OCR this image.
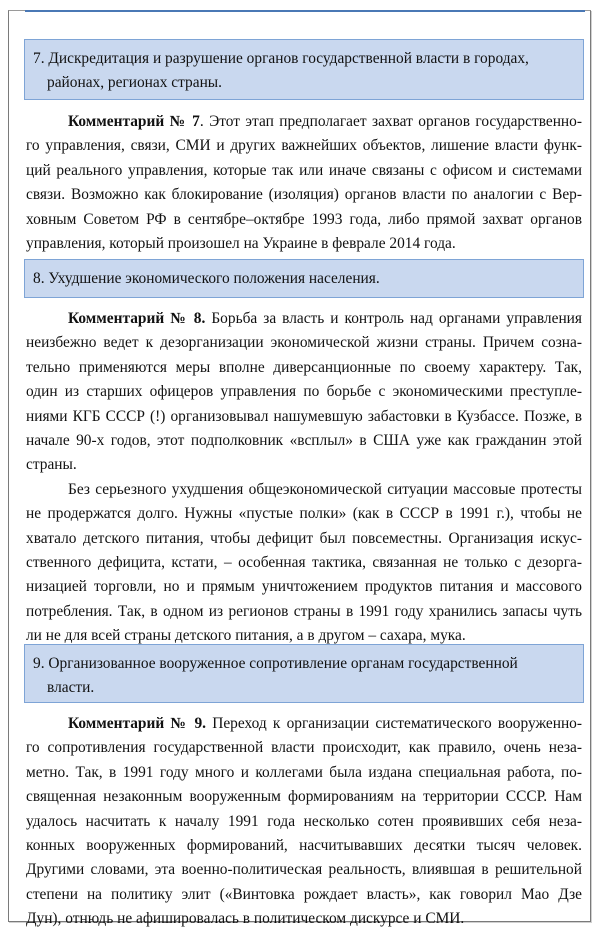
7. Дискредитация и разрушение органов государственной власти в городах,
районах, регионах страны.
Комментарий № 7. Этот этап предполагает захват органов государственно-
го управления, связи, СМИ и других важнейших объектов, лишение власти функ-
ций реального управления, которые так или иначе связаны с офисом и системами
связи. Возможно как блокирование (изоляция) органов власти по аналогии с Вер-
ховным Советом РФ в сентябре–октябре 1993 года, либо прямой захват органов
управления, который произошел на Украине в феврале 2014 года.
8. Ухудшение экономического положения населения.
Комментарий № 8. Борьба за власть и контроль над органами управления
неизбежно ведет к дезорганизации экономической жизни страны. Причем созна-
тельно применяются меры вполне диверсанционные по своему характеру. Так,
один из старших офицеров управления по борьбе с экономическими преступле-
ниями КГБ СССР (!) организовывал нашумевшую забастовки в Кузбассе. Позже, в
начале 90-х годов, этот подполковник «всплыл» в США уже как гражданин этой
страны.
Без серьезного ухудшения общеэкономической ситуации массовые протесты
не продержатся долго. Нужны «пустые полки» (как в СССР в 1991 г.), чтобы не
хватало детского питания, чтобы дефицит был повсеместны. Организация искус-
ственного дефицита, кстати, – особенная тактика, связанная не только с дезорга-
низацией торговли, но и прямым уничтожением продуктов питания и массового
потребления. Так, в одном из регионов страны в 1991 году хранились запасы чуть
ли не для всей страны детского питания, а в другом – сахара, мука.
9. Организованное вооруженное сопротивление органам государственной
власти.
Комментарий № 9. Переход к организации систематического вооруженно-
го сопротивления государственной власти происходит, как правило, очень неза-
метно. Так, в 1991 году много и коллегами была издана специальная работа, по-
священная незаконным вооруженным формированиям на территории СССР. Нам
удалось насчитать к началу 1991 года несколько сотен проявивших себя неза-
конных вооруженных формирований, насчитывавших десятки тысяч человек.
Другими словами, эта военно-политическая реальность, влиявшая в решительной
степени на политику элит («Винтовка рождает власть», как говорил Мао Дзе
Дун), отнюдь не афишировалась в политическом дискурсе и СМИ.
